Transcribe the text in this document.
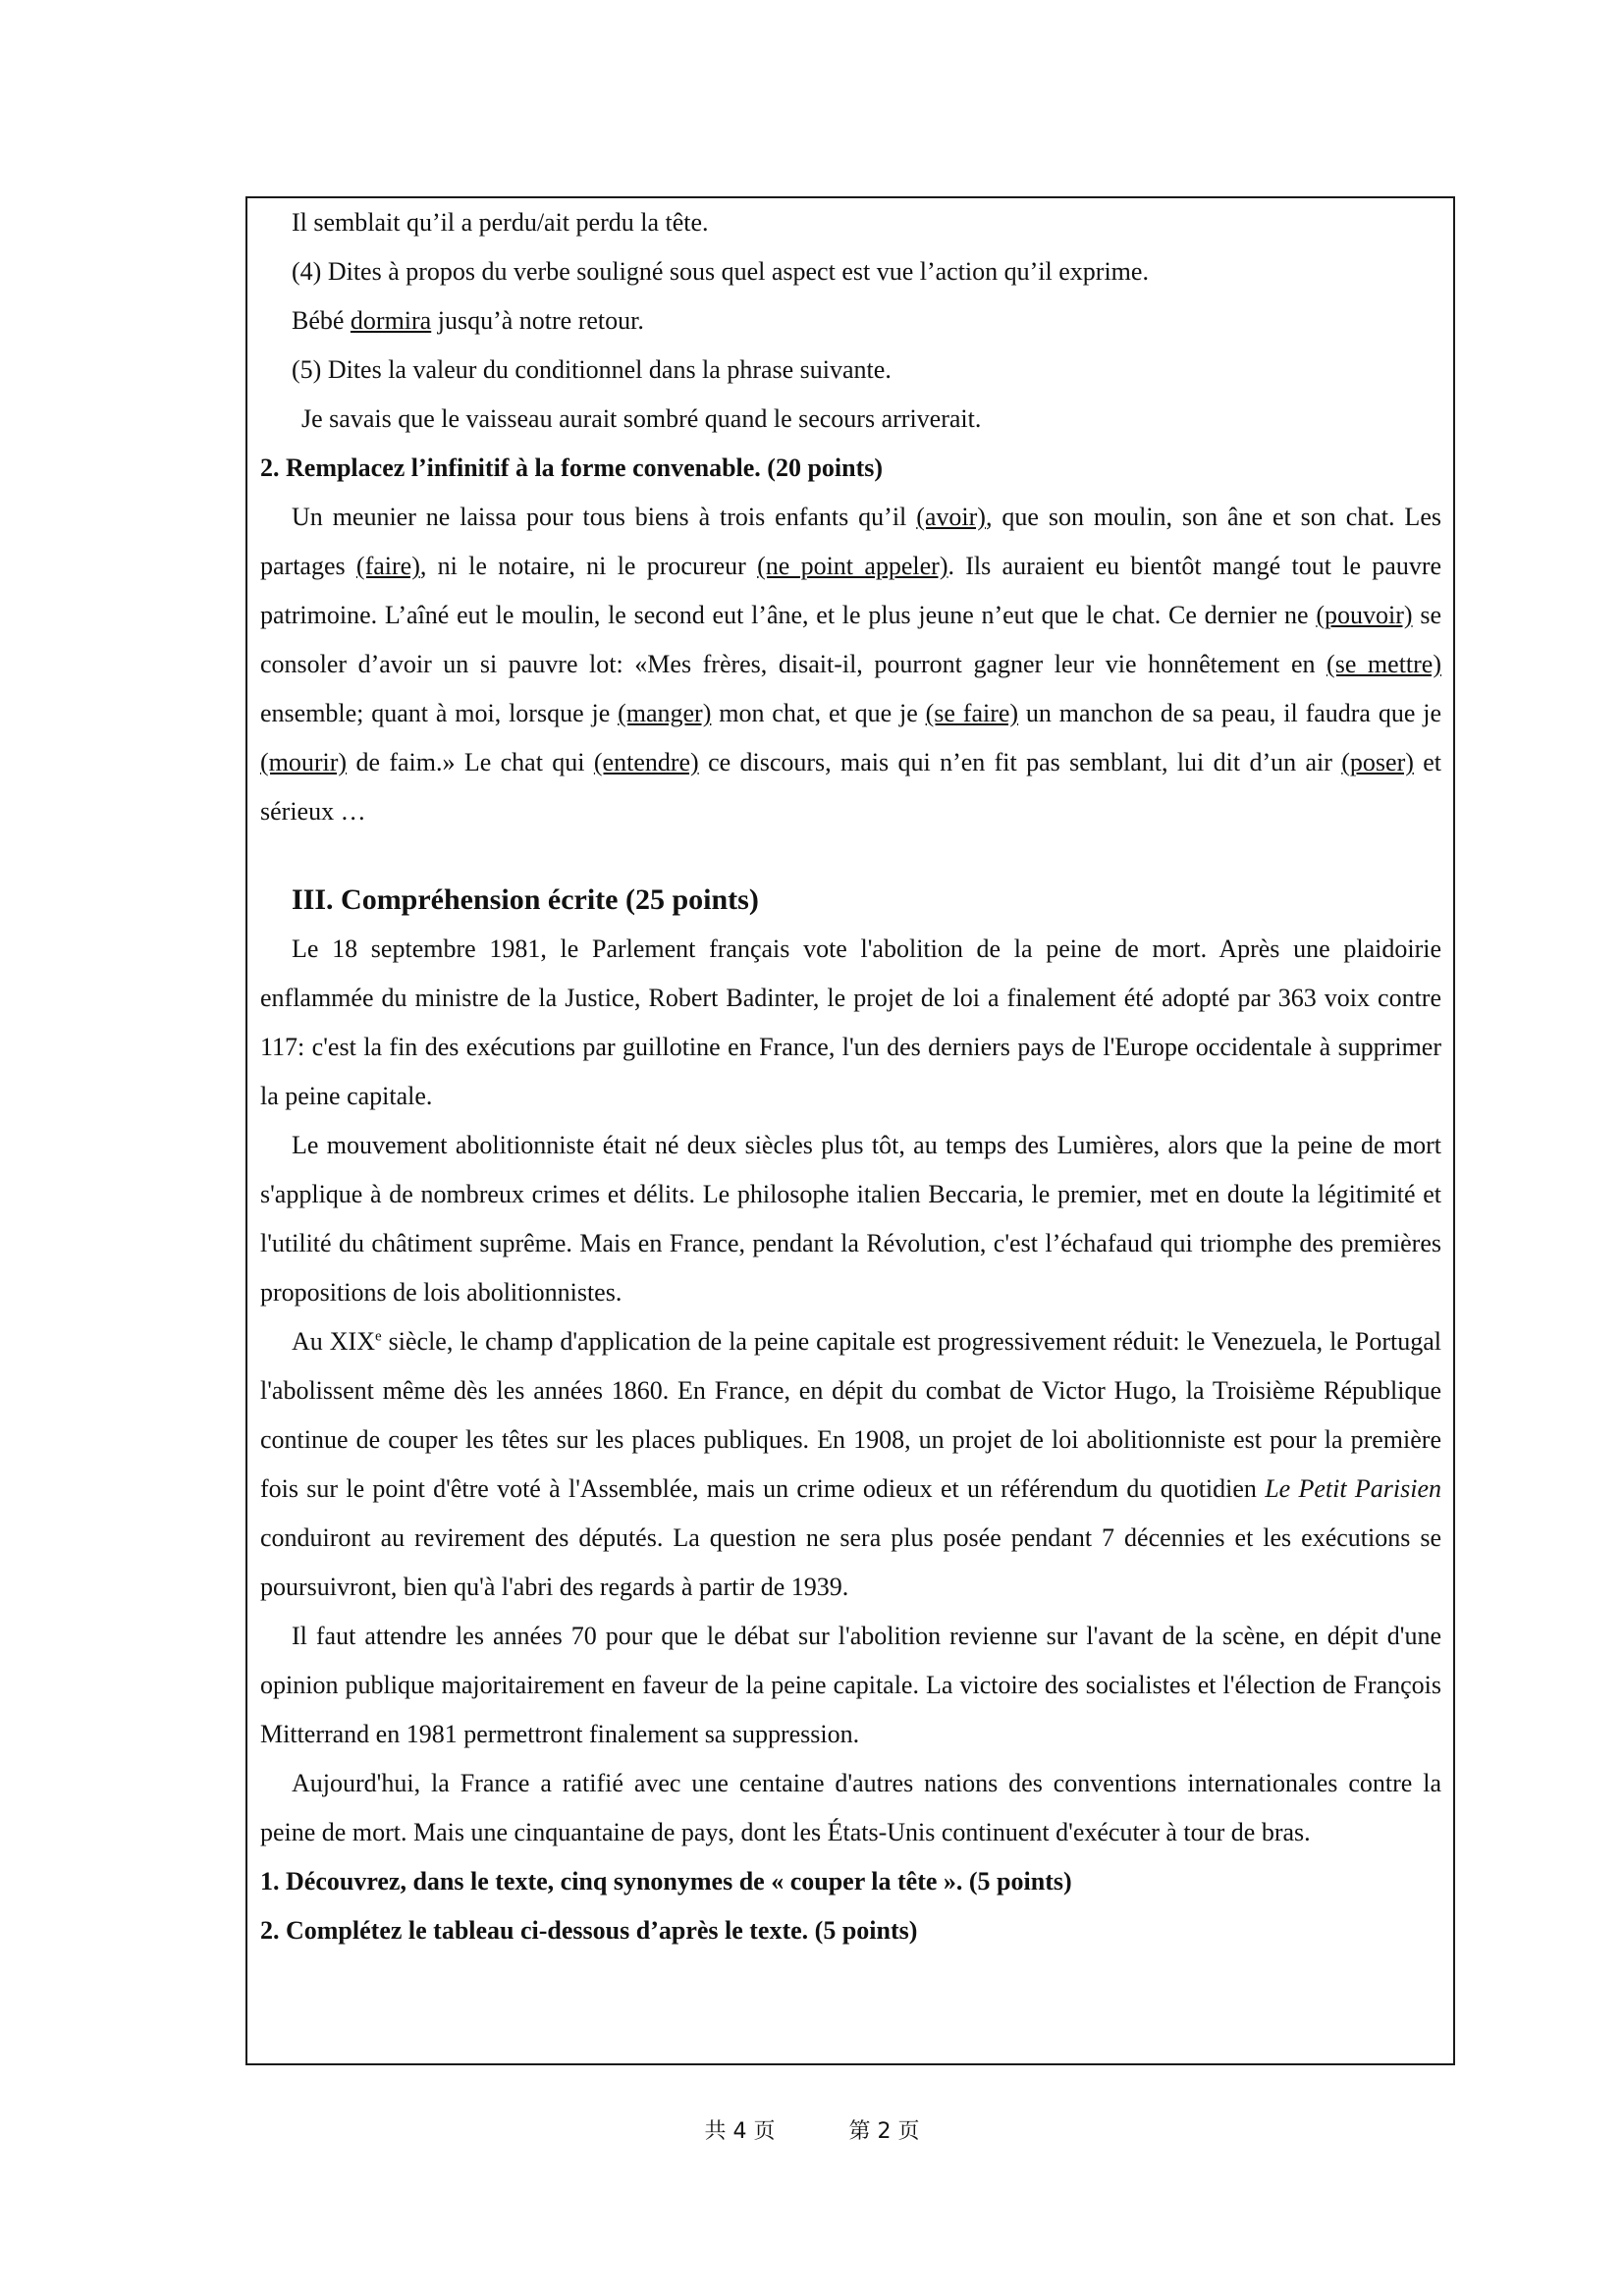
Il semblait qu’il a perdu/ait perdu la tête.

(4) Dites à propos du verbe souligné sous quel aspect est vue l’action qu’il exprime.

Bébé dormira jusqu’à notre retour.

(5) Dites la valeur du conditionnel dans la phrase suivante.

Je savais que le vaisseau aurait sombré quand le secours arriverait.

2. Remplacez l’infinitif à la forme convenable. (20 points)

Un meunier ne laissa pour tous biens à trois enfants qu’il (avoir), que son moulin, son âne et son chat. Les partages (faire), ni le notaire, ni le procureur (ne point appeler). Ils auraient eu bientôt mangé tout le pauvre patrimoine. L’aîné eut le moulin, le second eut l’âne, et le plus jeune n’eut que le chat. Ce dernier ne (pouvoir) se consoler d’avoir un si pauvre lot: «Mes frères, disait-il, pourront gagner leur vie honnêtement en (se mettre) ensemble; quant à moi, lorsque je (manger) mon chat, et que je (se faire) un manchon de sa peau, il faudra que je (mourir) de faim.» Le chat qui (entendre) ce discours, mais qui n’en fit pas semblant, lui dit d’un air (poser) et sérieux …

III. Compréhension écrite (25 points)

Le 18 septembre 1981, le Parlement français vote l'abolition de la peine de mort. Après une plaidoirie enflammée du ministre de la Justice, Robert Badinter, le projet de loi a finalement été adopté par 363 voix contre 117: c'est la fin des exécutions par guillotine en France, l'un des derniers pays de l'Europe occidentale à supprimer la peine capitale.

Le mouvement abolitionniste était né deux siècles plus tôt, au temps des Lumières, alors que la peine de mort s'applique à de nombreux crimes et délits. Le philosophe italien Beccaria, le premier, met en doute la légitimité et l'utilité du châtiment suprême. Mais en France, pendant la Révolution, c'est l’échafaud qui triomphe des premières propositions de lois abolitionnistes.

Au XIXe siècle, le champ d'application de la peine capitale est progressivement réduit: le Venezuela, le Portugal l'abolissent même dès les années 1860. En France, en dépit du combat de Victor Hugo, la Troisième République continue de couper les têtes sur les places publiques. En 1908, un projet de loi abolitionniste est pour la première fois sur le point d'être voté à l'Assemblée, mais un crime odieux et un référendum du quotidien Le Petit Parisien conduiront au revirement des députés. La question ne sera plus posée pendant 7 décennies et les exécutions se poursuivront, bien qu'à l'abri des regards à partir de 1939.

Il faut attendre les années 70 pour que le débat sur l'abolition revienne sur l'avant de la scène, en dépit d'une opinion publique majoritairement en faveur de la peine capitale. La victoire des socialistes et l'élection de François Mitterrand en 1981 permettront finalement sa suppression.

Aujourd'hui, la France a ratifié avec une centaine d'autres nations des conventions internationales contre la peine de mort. Mais une cinquantaine de pays, dont les États-Unis continuent d'exécuter à tour de bras.

1. Découvrez, dans le texte, cinq synonymes de « couper la tête ». (5 points)

2. Complétez le tableau ci-dessous d’après le texte. (5 points)

共 4 页	第 2 页
